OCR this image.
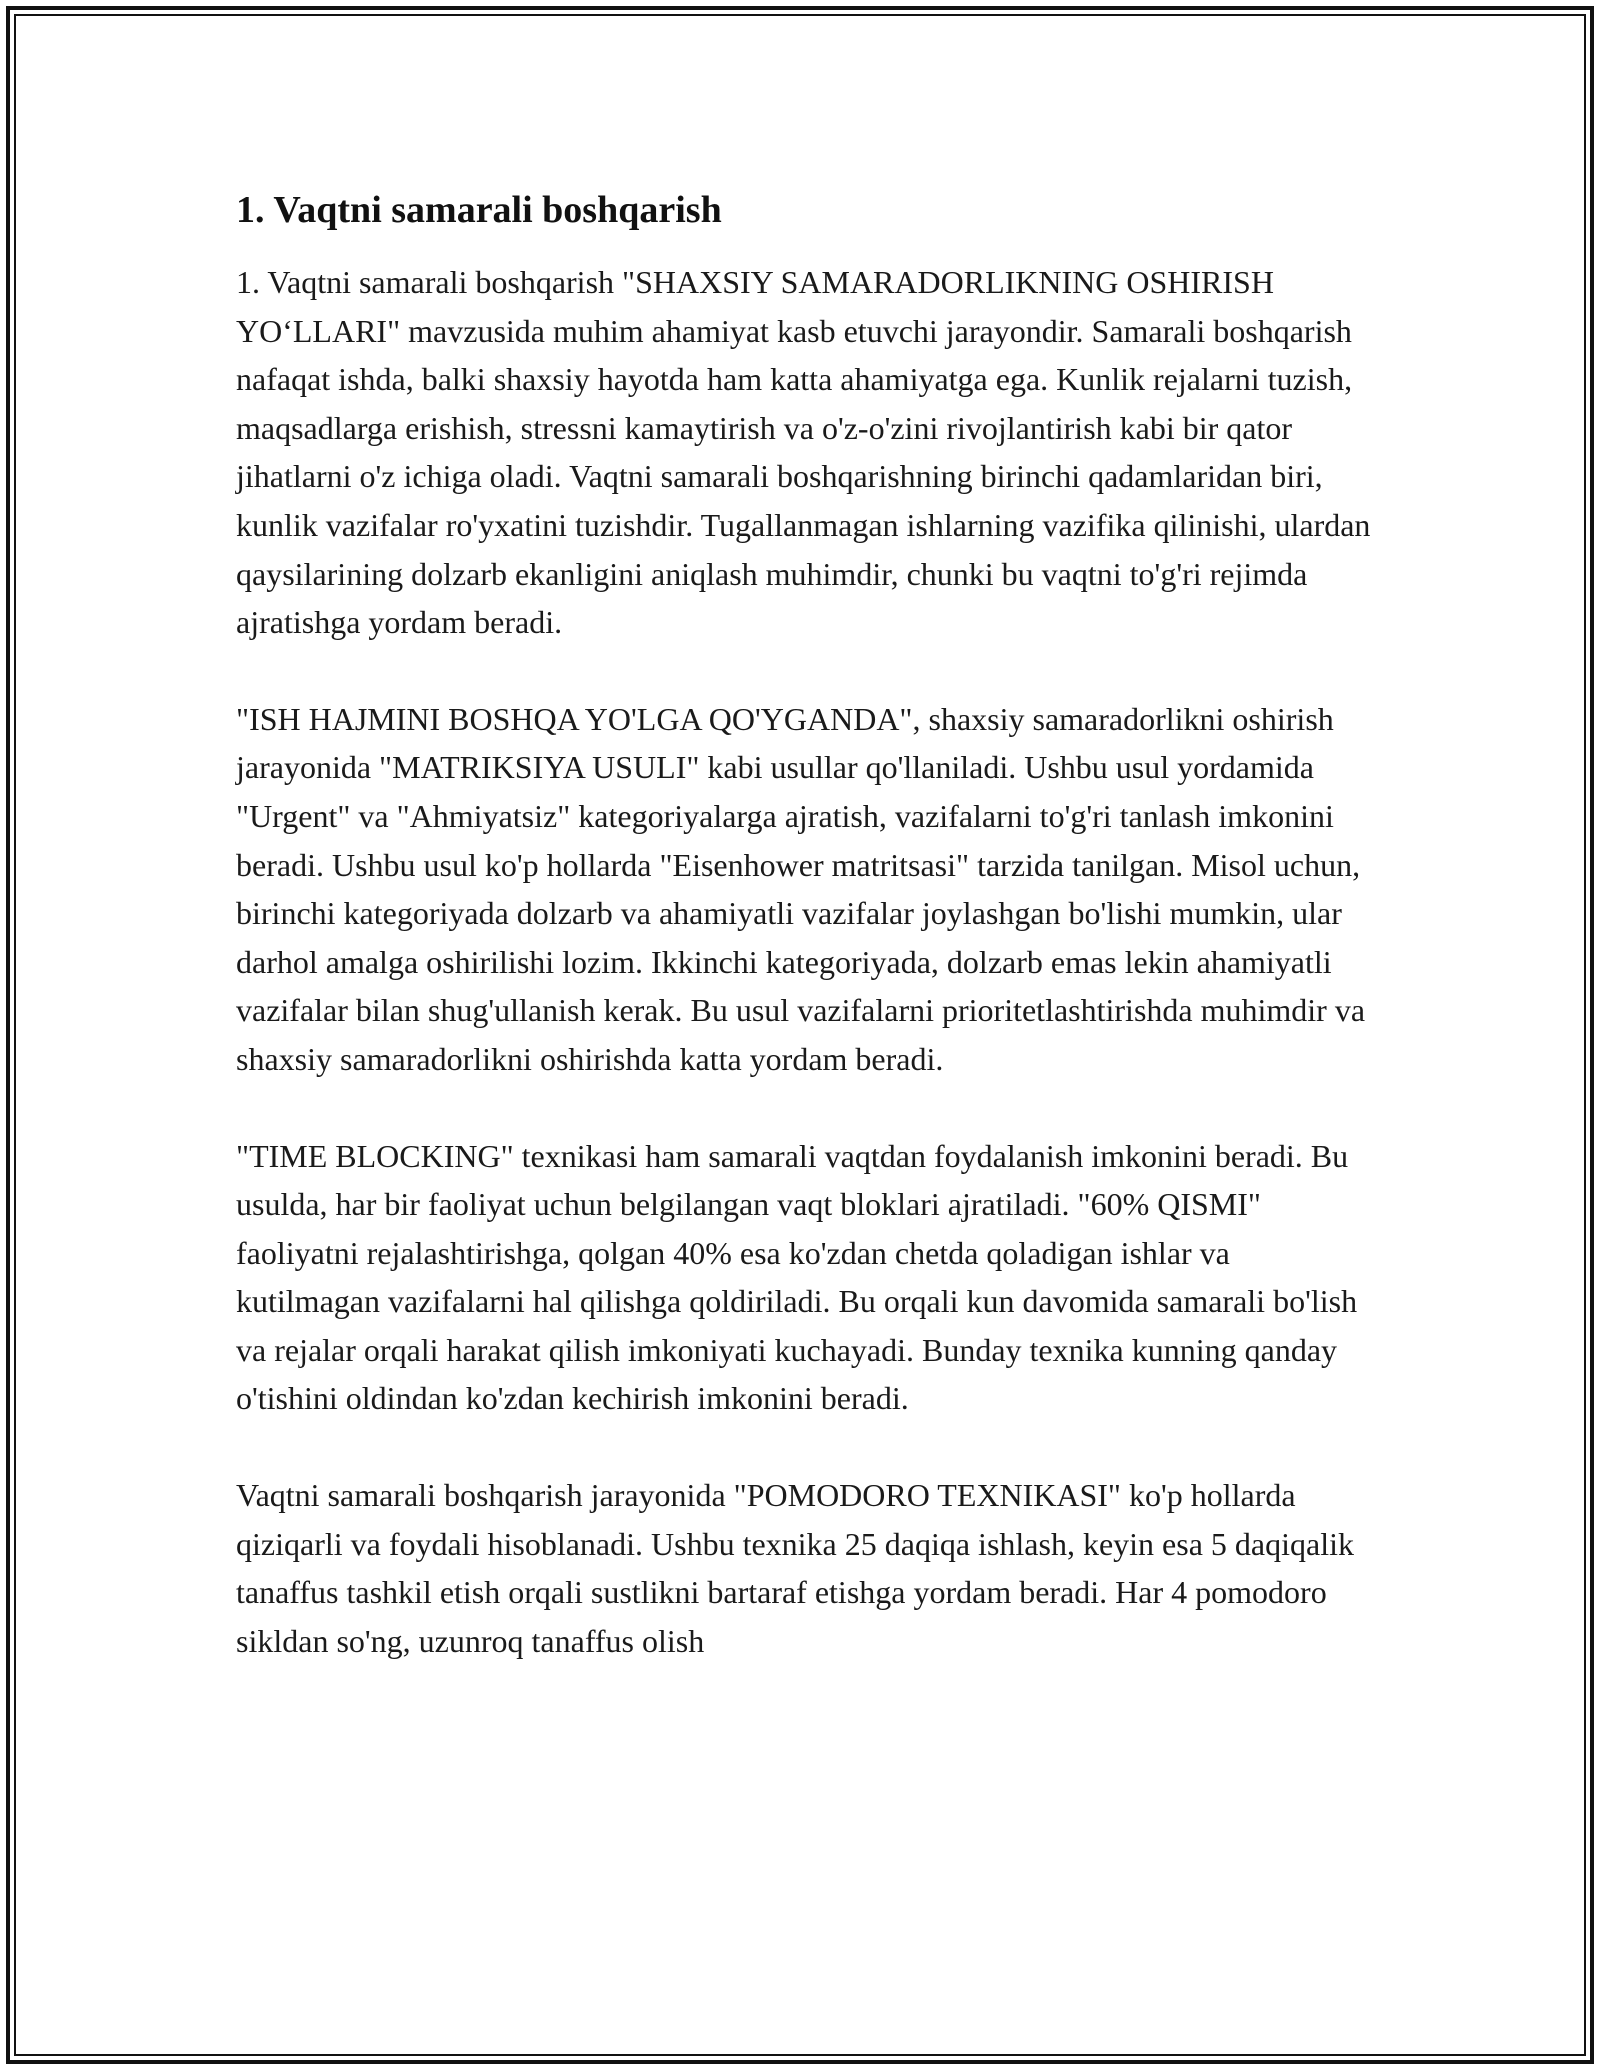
1. Vaqtni samarali boshqarish

1. Vaqtni samarali boshqarish "SHAXSIY SAMARADORLIKNING OSHIRISH YO‘LLARI" mavzusida muhim ahamiyat kasb etuvchi jarayondir. Samarali boshqarish nafaqat ishda, balki shaxsiy hayotda ham katta ahamiyatga ega. Kunlik rejalarni tuzish, maqsadlarga erishish, stressni kamaytirish va o'z-o'zini rivojlantirish kabi bir qator jihatlarni o'z ichiga oladi. Vaqtni samarali boshqarishning birinchi qadamlaridan biri, kunlik vazifalar ro'yxatini tuzishdir. Tugallanmagan ishlarning vazifika qilinishi, ulardan qaysilarining dolzarb ekanligini aniqlash muhimdir, chunki bu vaqtni to'g'ri rejimda ajratishga yordam beradi.

"ISH HAJMINI BOSHQA YO'LGA QO'YGANDA", shaxsiy samaradorlikni oshirish jarayonida "MATRIKSIYA USULI" kabi usullar qo'llaniladi. Ushbu usul yordamida "Urgent" va "Ahmiyatsiz" kategoriyalarga ajratish, vazifalarni to'g'ri tanlash imkonini beradi. Ushbu usul ko'p hollarda "Eisenhower matritsasi" tarzida tanilgan. Misol uchun, birinchi kategoriyada dolzarb va ahamiyatli vazifalar joylashgan bo'lishi mumkin, ular darhol amalga oshirilishi lozim. Ikkinchi kategoriyada, dolzarb emas lekin ahamiyatli vazifalar bilan shug'ullanish kerak. Bu usul vazifalarni prioritetlashtirishda muhimdir va shaxsiy samaradorlikni oshirishda katta yordam beradi.

"TIME BLOCKING" texnikasi ham samarali vaqtdan foydalanish imkonini beradi. Bu usulda, har bir faoliyat uchun belgilangan vaqt bloklari ajratiladi. "60% QISMI" faoliyatni rejalashtirishga, qolgan 40% esa ko'zdan chetda qoladigan ishlar va kutilmagan vazifalarni hal qilishga qoldiriladi. Bu orqali kun davomida samarali bo'lish va rejalar orqali harakat qilish imkoniyati kuchayadi. Bunday texnika kunning qanday o'tishini oldindan ko'zdan kechirish imkonini beradi.

Vaqtni samarali boshqarish jarayonida "POMODORO TEXNIKASI" ko'p hollarda qiziqarli va foydali hisoblanadi. Ushbu texnika 25 daqiqa ishlash, keyin esa 5 daqiqalik tanaffus tashkil etish orqali sustlikni bartaraf etishga yordam beradi. Har 4 pomodoro sikldan so'ng, uzunroq tanaffus olish
